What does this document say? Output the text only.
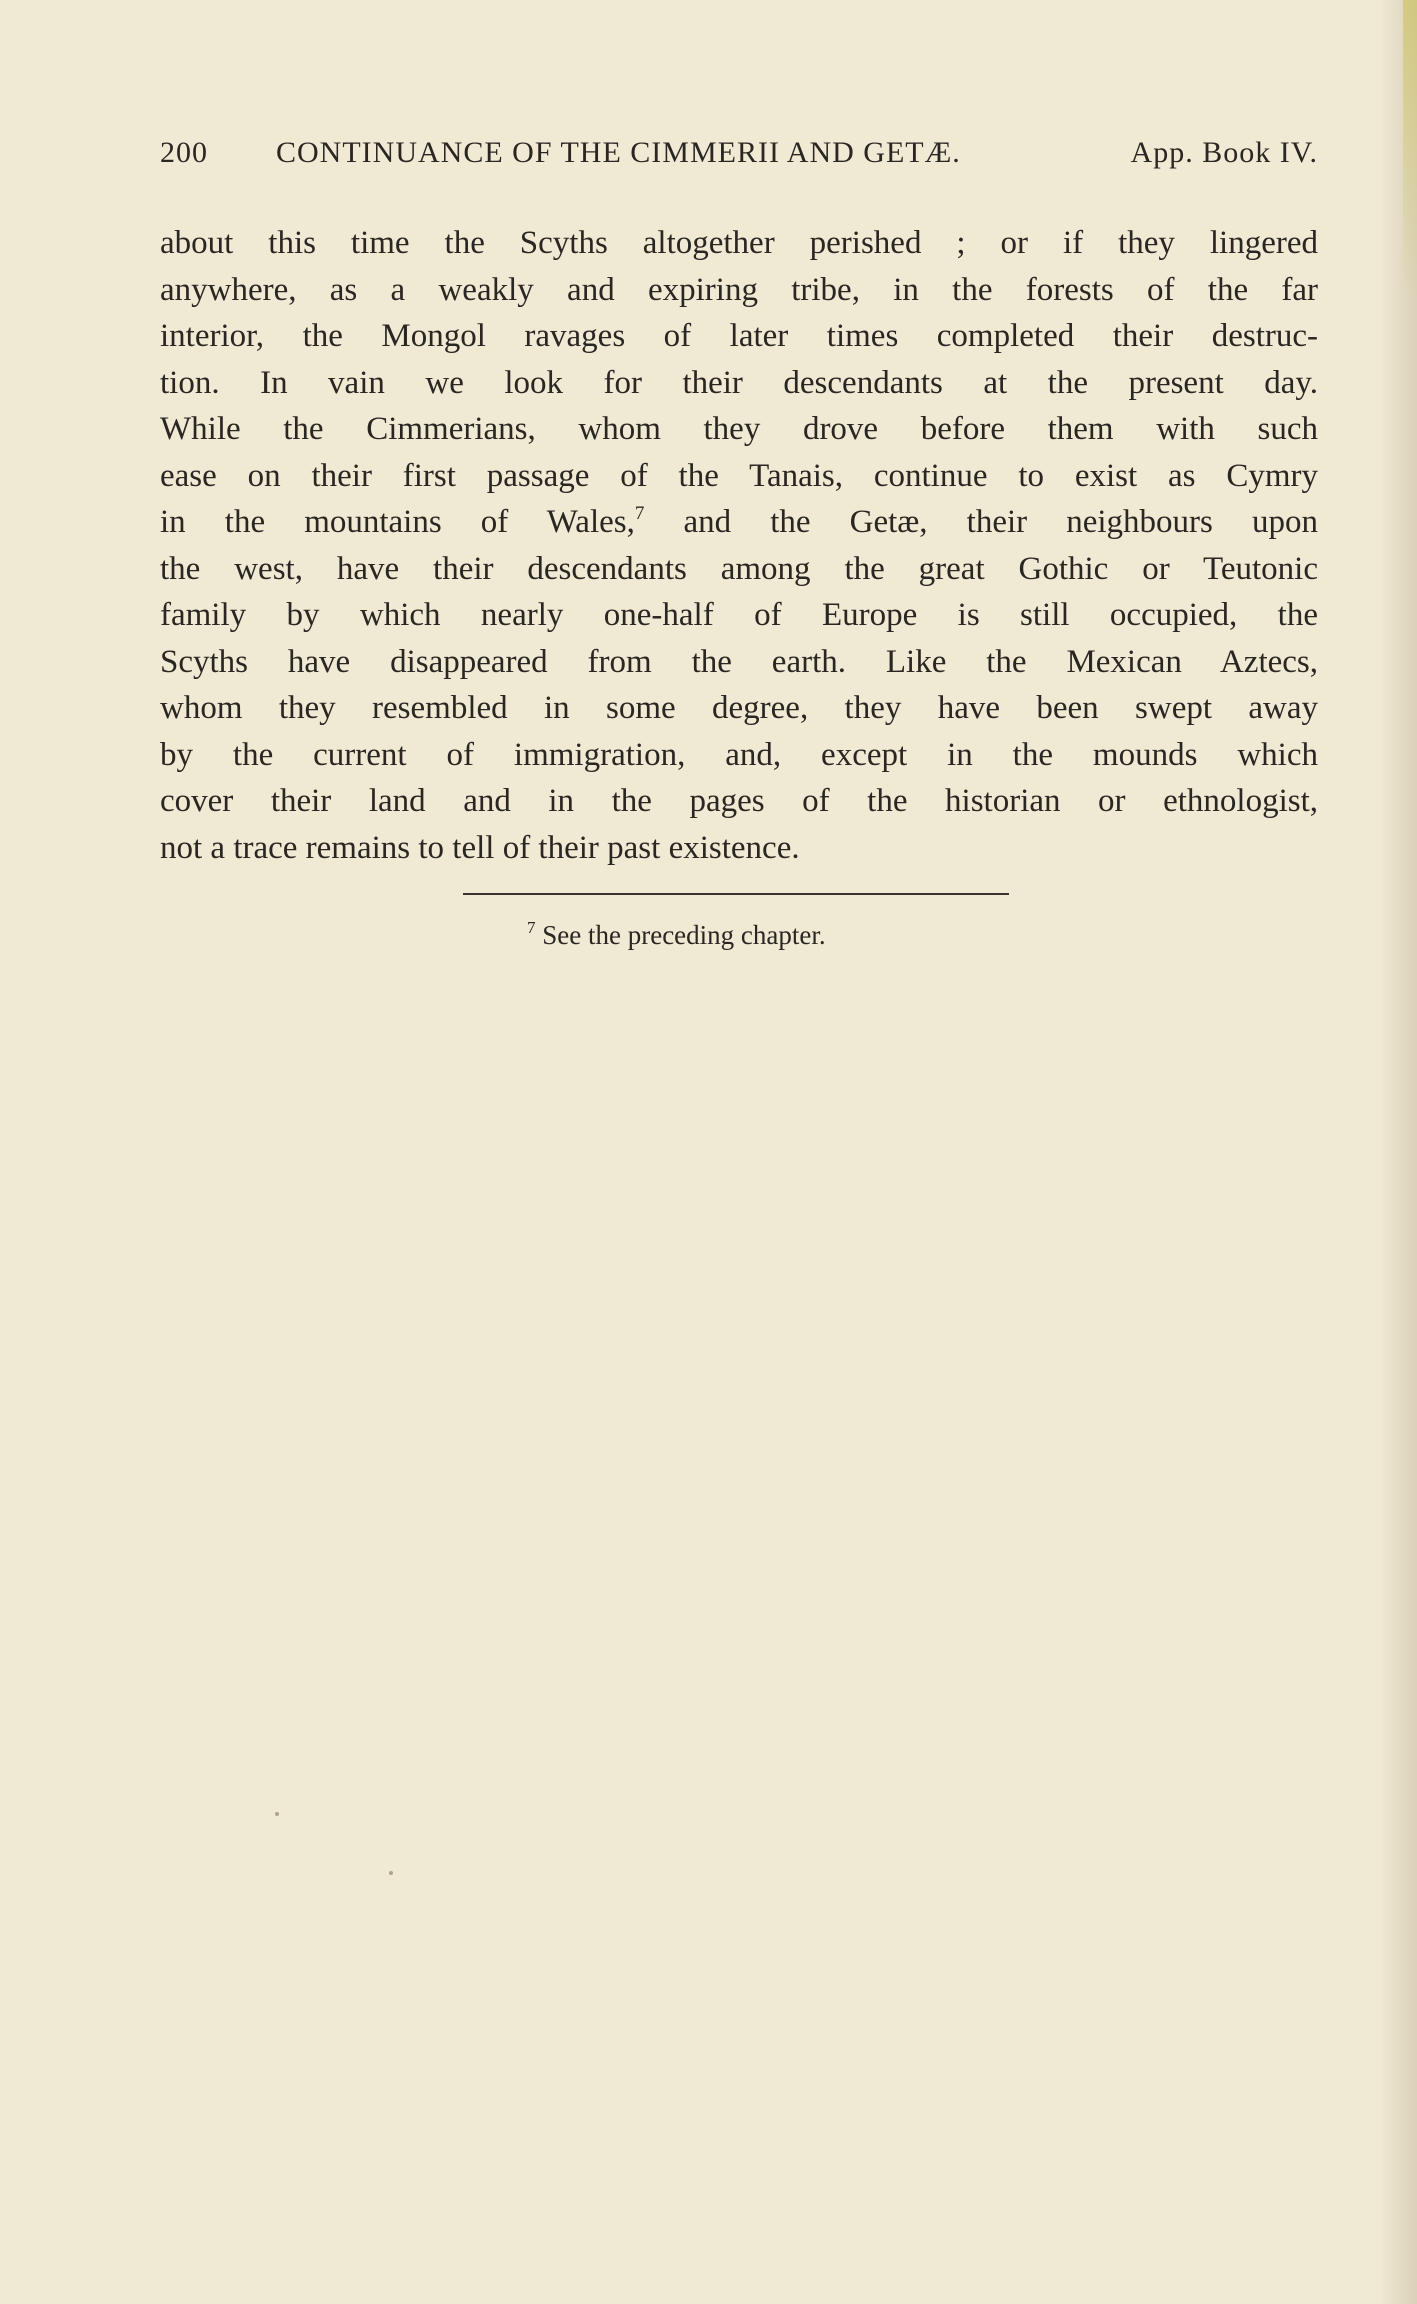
200 CONTINUANCE OF THE CIMMERII AND GETÆ.	App. Book IV.
about this time the Scyths altogether perished ; or if they lingered
anywhere, as a weakly and expiring tribe, in the forests of the far
interior, the Mongol ravages of later times completed their destruc-
tion. In vain we look for their descendants at the present day.
While the Cimmerians, whom they drove before them with such
ease on their first passage of the Tanais, continue to exist as Cymry
in the mountains of Wales,$^7$ and the Getæ, their neighbours upon
the west, have their descendants among the great Gothic or Teutonic
family by which nearly one-half of Europe is still occupied, the
Scyths have disappeared from the earth. Like the Mexican Aztecs,
whom they resembled in some degree, they have been swept away
by the current of immigration, and, except in the mounds which
cover their land and in the pages of the historian or ethnologist,
not a trace remains to tell of their past existence.
$^7$ See the preceding chapter.
